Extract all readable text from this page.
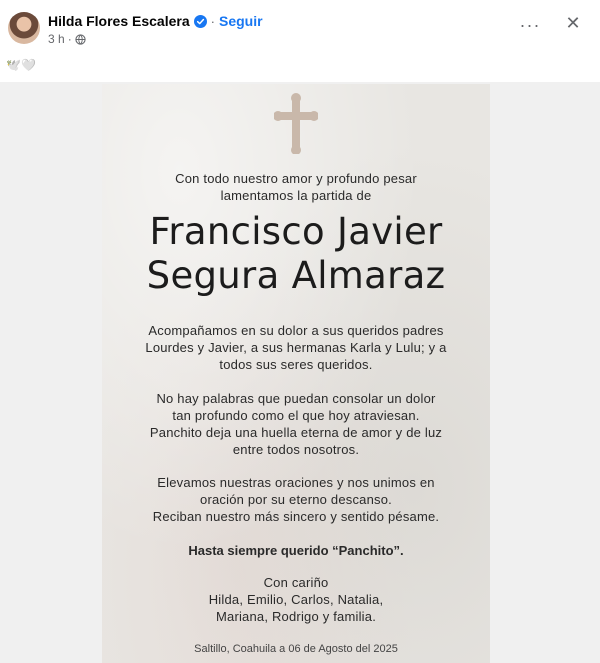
Hilda Flores Escalera · Seguir
3 h ·
··· ✕
🕊️🤍
Con todo nuestro amor y profundo pesar
lamentamos la partida de
Francisco Javier
Segura Almaraz
Acompañamos en su dolor a sus queridos padres
Lourdes y Javier, a sus hermanas Karla y Lulu; y a
todos sus seres queridos.
No hay palabras que puedan consolar un dolor
tan profundo como el que hoy atraviesan.
Panchito deja una huella eterna de amor y de luz
entre todos nosotros.
Elevamos nuestras oraciones y nos unimos en
oración por su eterno descanso.
Reciban nuestro más sincero y sentido pésame.
Hasta siempre querido “Panchito”.
Con cariño
Hilda, Emilio, Carlos, Natalia,
Mariana, Rodrigo y familia.
Saltillo, Coahuila a 06 de Agosto del 2025
